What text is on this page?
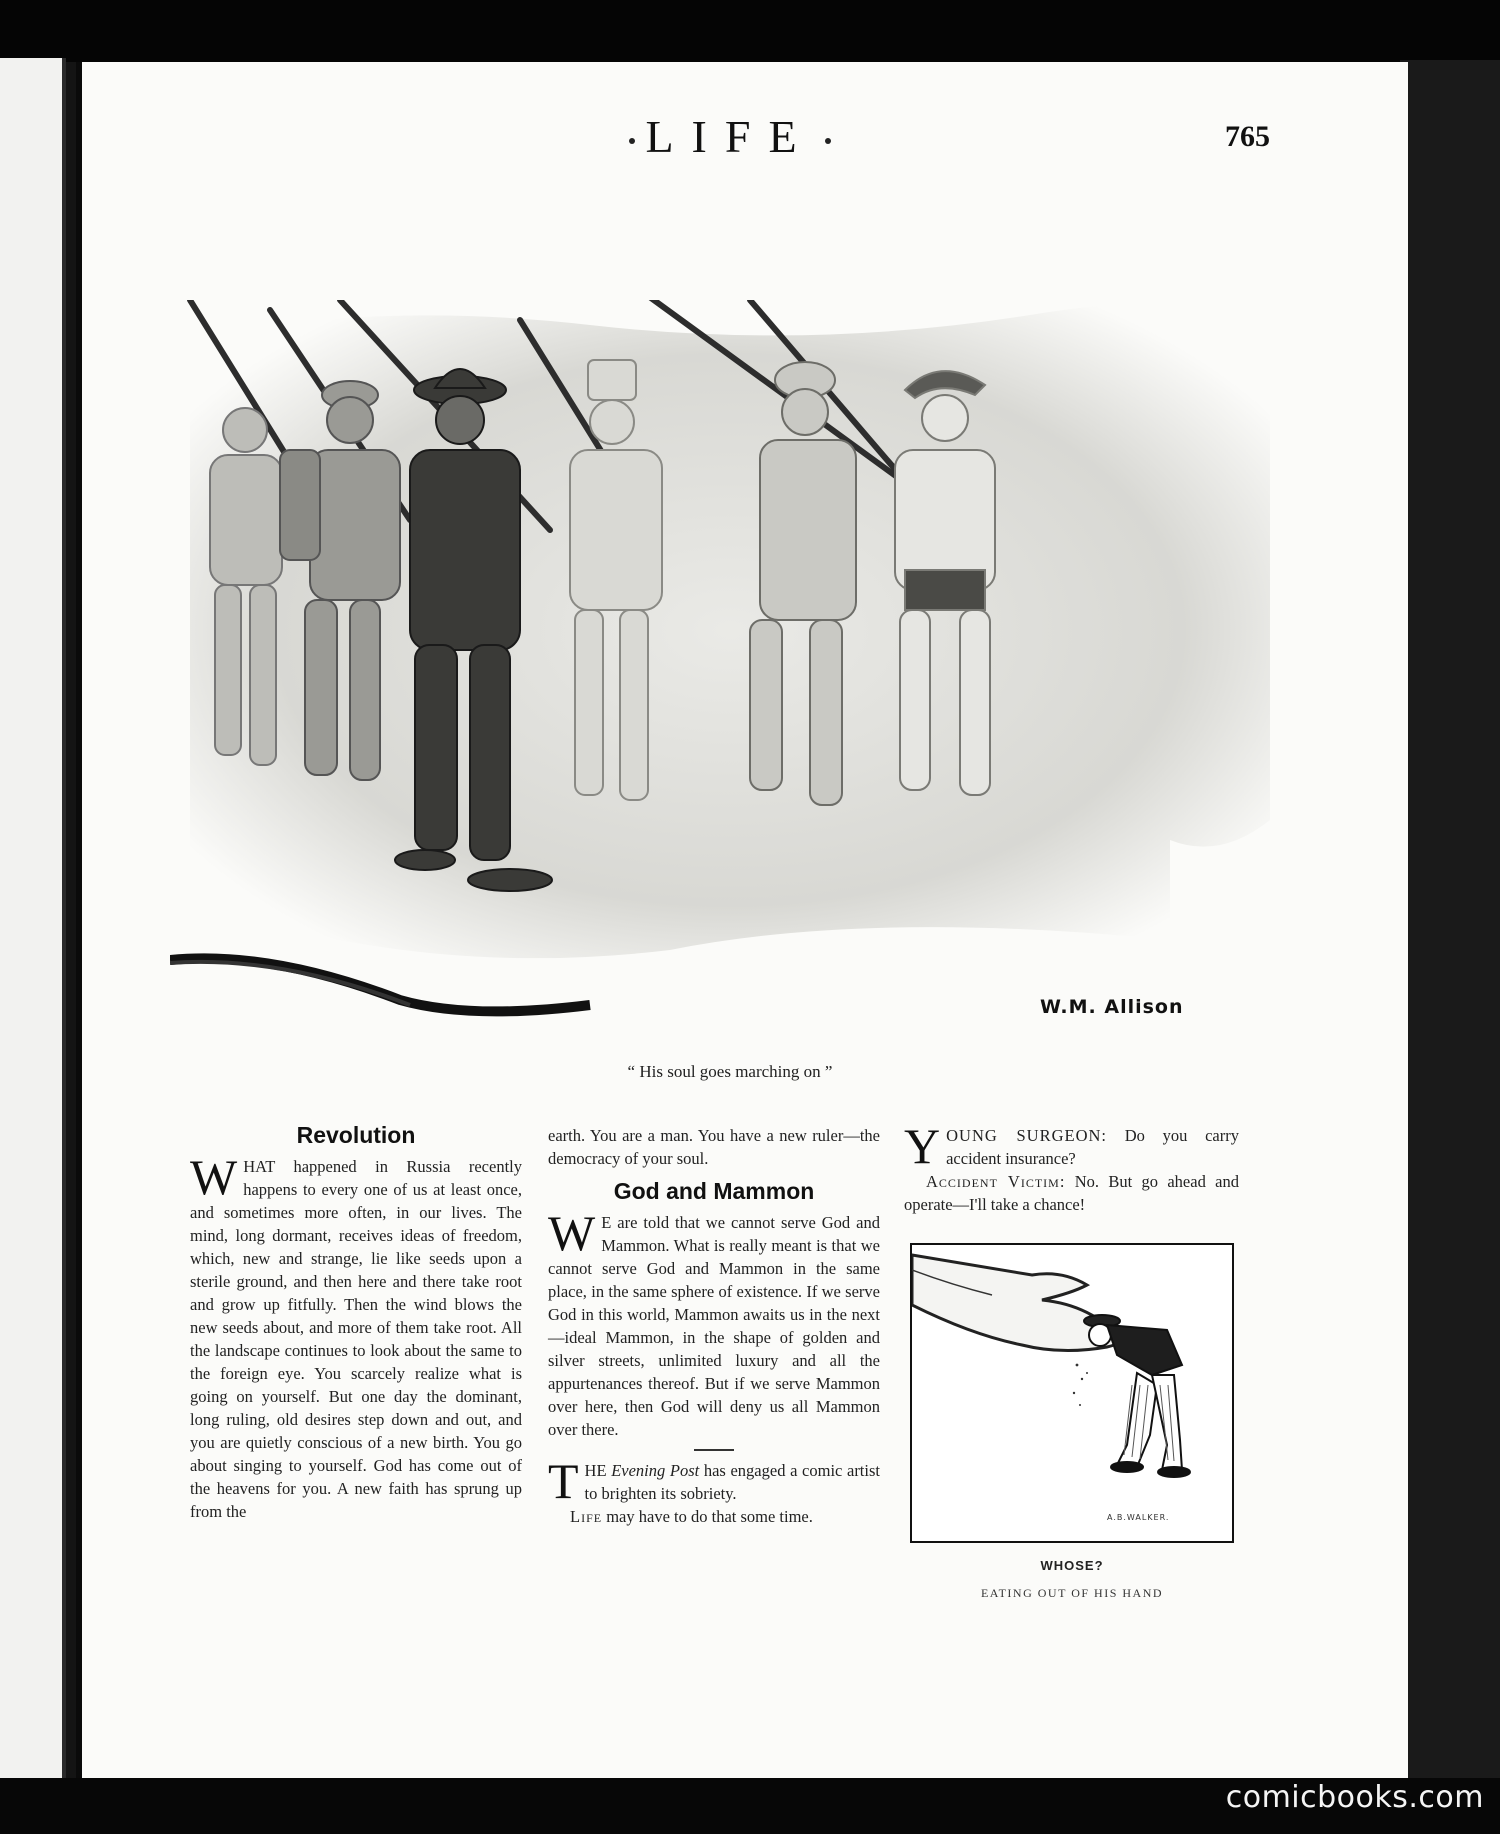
LIFE	765
W.M. Allison
“ His soul goes marching on ”
Revolution

WHAT happened in Russia recently happens to every one of us at least once, and sometimes more often, in our lives. The mind, long dormant, receives ideas of freedom, which, new and strange, lie like seeds upon a sterile ground, and then here and there take root and grow up fitfully. Then the wind blows the new seeds about, and more of them take root. All the landscape continues to look about the same to the foreign eye. You scarcely realize what is going on yourself. But one day the dominant, long ruling, old desires step down and out, and you are quietly conscious of a new birth. You go about singing to yourself. God has come out of the heavens for you. A new faith has sprung up from the

earth. You are a man. You have a new ruler—the democracy of your soul.

God and Mammon

W E are told that we cannot serve God and Mammon. What is really meant is that we cannot serve God and Mammon in the same place, in the same sphere of existence. If we serve God in this world, Mammon awaits us in the next—ideal Mammon, in the shape of golden and silver streets, unlimited luxury and all the appurtenances thereof. But if we serve Mammon over here, then God will deny us all Mammon over there.

THE Evening Post has engaged a comic artist to brighten its sobriety.

Life may have to do that some time.

YOUNG SURGEON: Do you carry accident insurance?

Accident Victim: No. But go ahead and operate—I'll take a chance!

A.B.WALKER.
WHOSE?
EATING OUT OF HIS HAND
comicbooks.com
